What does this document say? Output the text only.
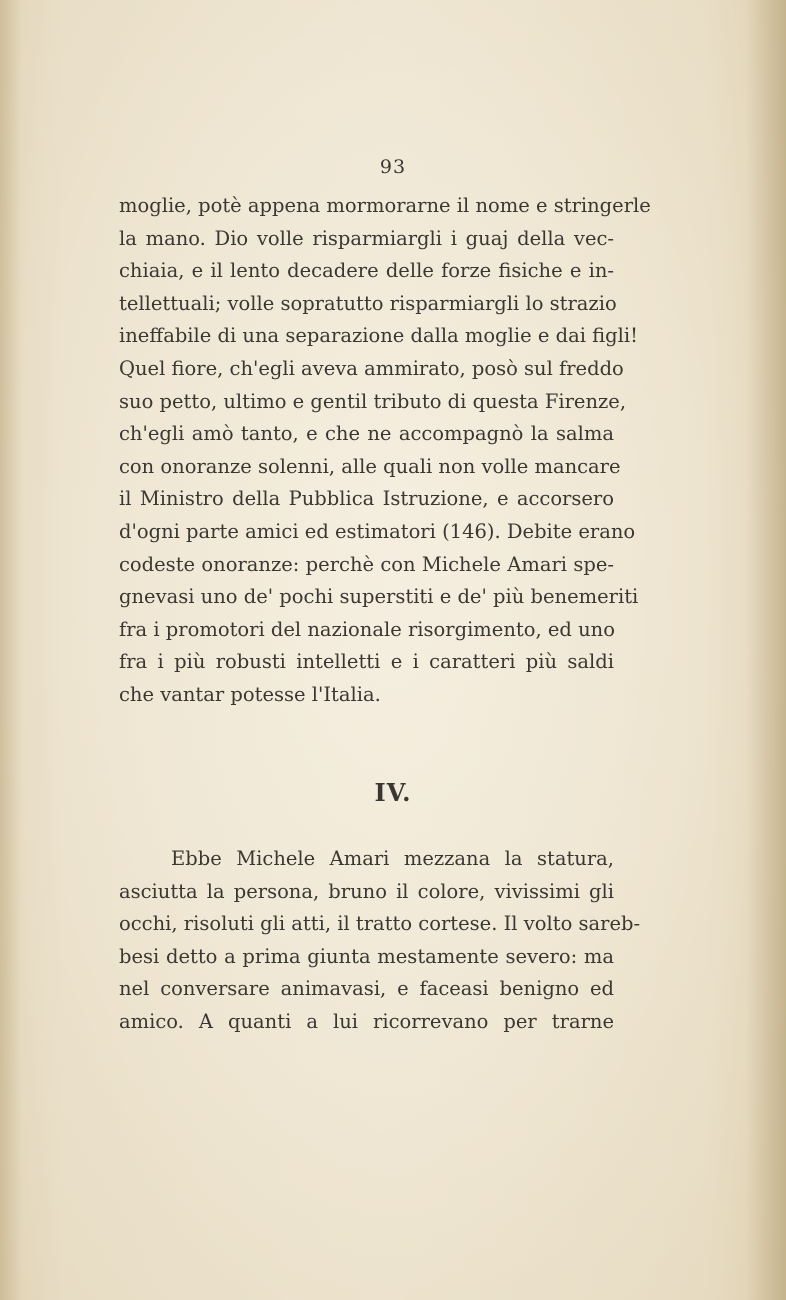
93
moglie, potè appena mormorarne il nome e stringerle
la mano. Dio volle risparmiargli i guaj della vec-
chiaia, e il lento decadere delle forze fisiche e in-
tellettuali; volle sopratutto risparmiargli lo strazio
ineffabile di una separazione dalla moglie e dai figli!
Quel fiore, ch'egli aveva ammirato, posò sul freddo
suo petto, ultimo e gentil tributo di questa Firenze,
ch'egli amò tanto, e che ne accompagnò la salma
con onoranze solenni, alle quali non volle mancare
il Ministro della Pubblica Istruzione, e accorsero
d'ogni parte amici ed estimatori (146). Debite erano
codeste onoranze: perchè con Michele Amari spe-
gnevasi uno de' pochi superstiti e de' più benemeriti
fra i promotori del nazionale risorgimento, ed uno
fra i più robusti intelletti e i caratteri più saldi
che vantar potesse l'Italia.
IV.
Ebbe Michele Amari mezzana la statura,
asciutta la persona, bruno il colore, vivissimi gli
occhi, risoluti gli atti, il tratto cortese. Il volto sareb-
besi detto a prima giunta mestamente severo: ma
nel conversare animavasi, e faceasi benigno ed
amico. A quanti a lui ricorrevano per trarne
